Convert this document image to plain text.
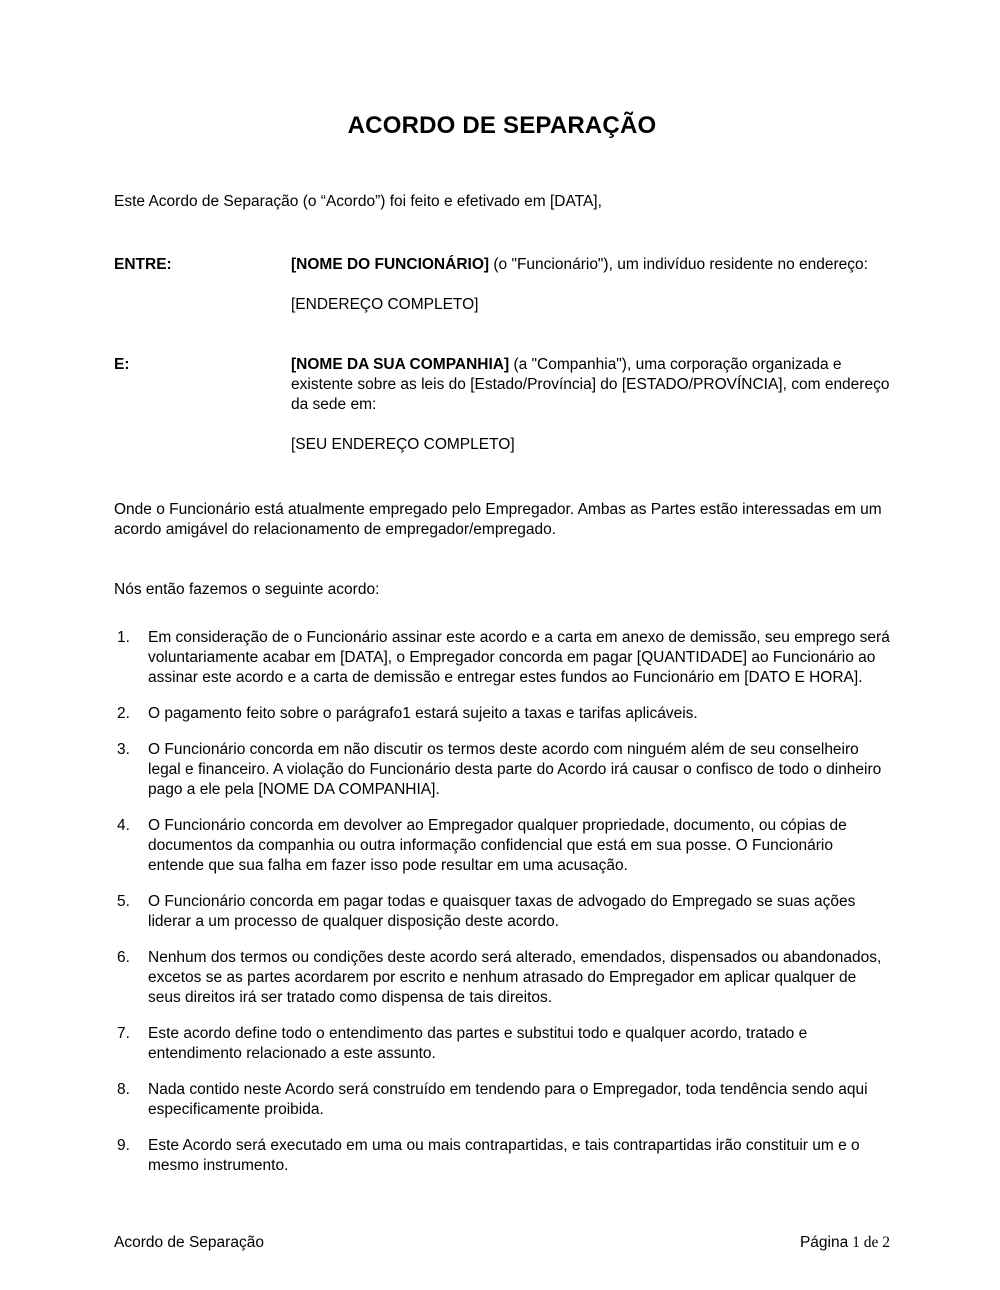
ACORDO DE SEPARAÇÃO

Este Acordo de Separação (o “Acordo”) foi feito e efetivado em [DATA],

ENTRE:	[NOME DO FUNCIONÁRIO] (o "Funcionário"), um indivíduo residente no endereço:
[ENDEREÇO COMPLETO]
E:	[NOME DA SUA COMPANHIA] (a "Companhia"), uma corporação organizada e existente sobre as leis do [Estado/Província] do [ESTADO/PROVÍNCIA], com endereço da sede em:
[SEU ENDEREÇO COMPLETO]

Onde o Funcionário está atualmente empregado pelo Empregador. Ambas as Partes estão interessadas em um acordo amigável do relacionamento de empregador/empregado.

Nós então fazemos o seguinte acordo:

1.	Em consideração de o Funcionário assinar este acordo e a carta em anexo de demissão, seu emprego será voluntariamente acabar em [DATA], o Empregador concorda em pagar [QUANTIDADE] ao Funcionário ao assinar este acordo e a carta de demissão e entregar estes fundos ao Funcionário em [DATO E HORA].
2.	O pagamento feito sobre o parágrafo1 estará sujeito a taxas e tarifas aplicáveis.
3.	O Funcionário concorda em não discutir os termos deste acordo com ninguém além de seu conselheiro legal e financeiro. A violação do Funcionário desta parte do Acordo irá causar o confisco de todo o dinheiro pago a ele pela [NOME DA COMPANHIA].
4.	O Funcionário concorda em devolver ao Empregador qualquer propriedade, documento, ou cópias de documentos da companhia ou outra informação confidencial que está em sua posse. O Funcionário entende que sua falha em fazer isso pode resultar em uma acusação.
5.	O Funcionário concorda em pagar todas e quaisquer taxas de advogado do Empregado se suas ações liderar a um processo de qualquer disposição deste acordo.
6.	Nenhum dos termos ou condições deste acordo será alterado, emendados, dispensados ou abandonados, excetos se as partes acordarem por escrito e nenhum atrasado do Empregador em aplicar qualquer de seus direitos irá ser tratado como dispensa de tais direitos.
7.	Este acordo define todo o entendimento das partes e substitui todo e qualquer acordo, tratado e entendimento relacionado a este assunto.
8.	Nada contido neste Acordo será construído em tendendo para o Empregador, toda tendência sendo aqui especificamente proibida.
9.	Este Acordo será executado em uma ou mais contrapartidas, e tais contrapartidas irão constituir um e o mesmo instrumento.
Acordo de Separação	Página 1 de 2
